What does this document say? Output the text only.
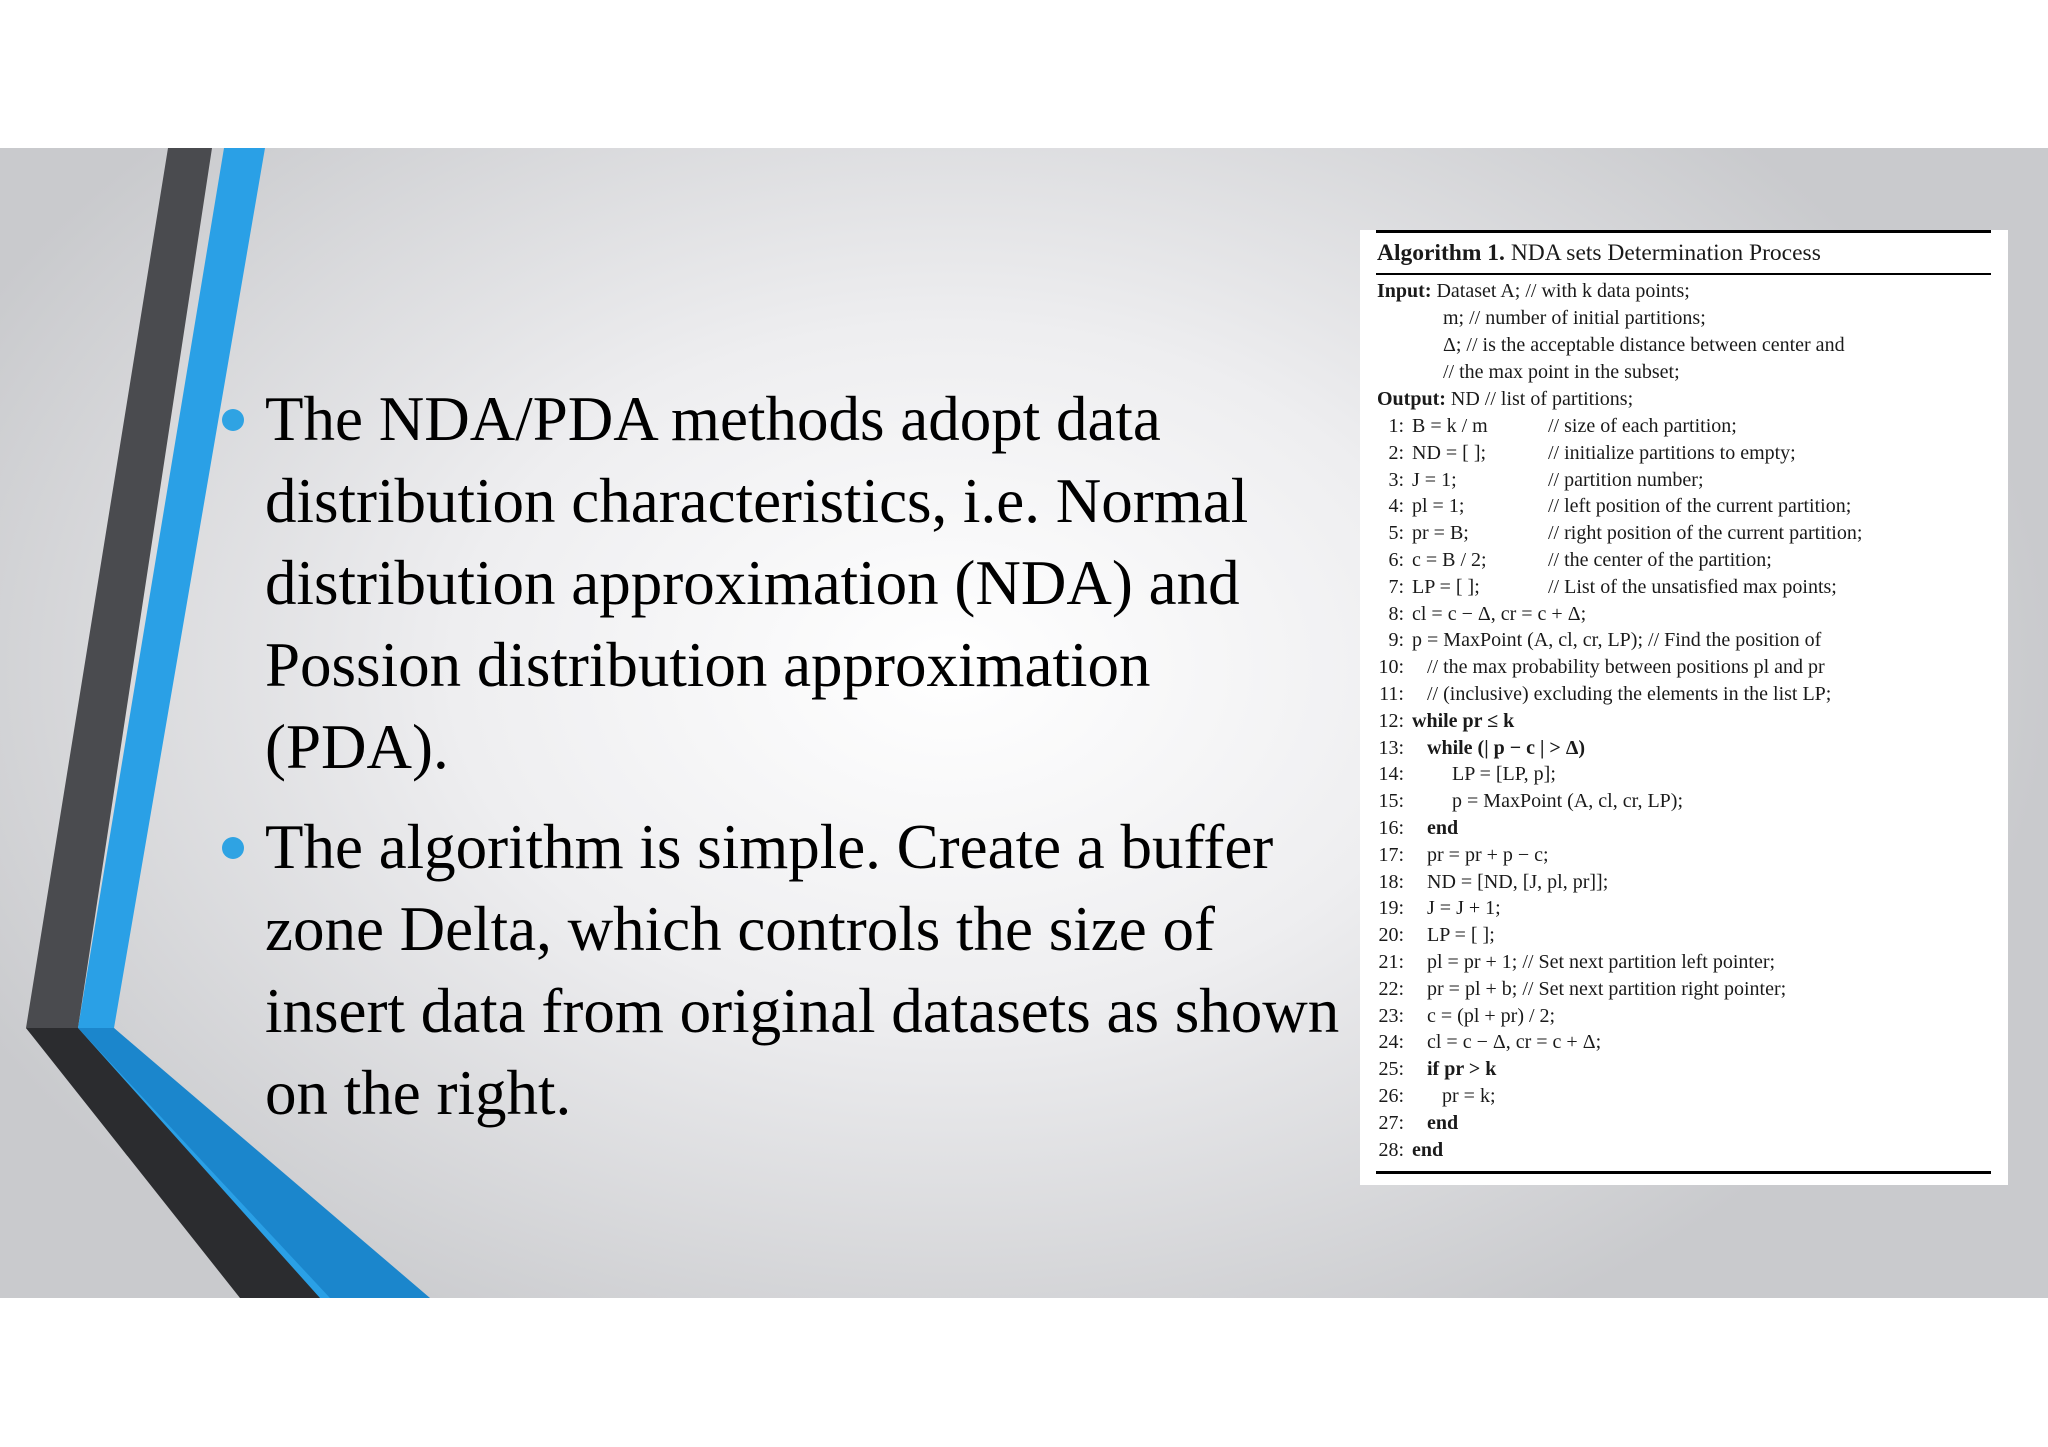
The NDA/PDA methods adopt data distribution characteristics, i.e. Normal distribution approximation (NDA) and Possion distribution approximation (PDA).
The algorithm is simple. Create a buffer zone Delta, which controls the size of insert data from original datasets as shown on the right.
Algorithm 1. NDA sets Determination Process
Input: Dataset A; // with k data points;
m; // number of initial partitions;
Δ; // is the acceptable distance between center and
// the max point in the subset;
Output: ND // list of partitions;
1: B = k / m	// size of each partition;
2: ND = [ ];	// initialize partitions to empty;
3: J = 1;	// partition number;
4: pl = 1;	// left position of the current partition;
5: pr = B;	// right position of the current partition;
6: c = B / 2;	// the center of the partition;
7: LP = [ ];	// List of the unsatisfied max points;
8: cl = c − Δ, cr = c + Δ;
9: p = MaxPoint (A, cl, cr, LP); // Find the position of
10:   // the max probability between positions pl and pr
11:   // (inclusive) excluding the elements in the list LP;
12: while pr ≤ k
13:   while (| p − c | > Δ)
14:        LP = [LP, p];
15:        p = MaxPoint (A, cl, cr, LP);
16:   end
17:   pr = pr + p − c;
18:   ND = [ND, [J, pl, pr]];
19:   J = J + 1;
20:   LP = [ ];
21:   pl = pr + 1; // Set next partition left pointer;
22:   pr = pl + b; // Set next partition right pointer;
23:   c = (pl + pr) / 2;
24:   cl = c − Δ, cr = c + Δ;
25:   if pr > k
26:      pr = k;
27:   end
28: end
